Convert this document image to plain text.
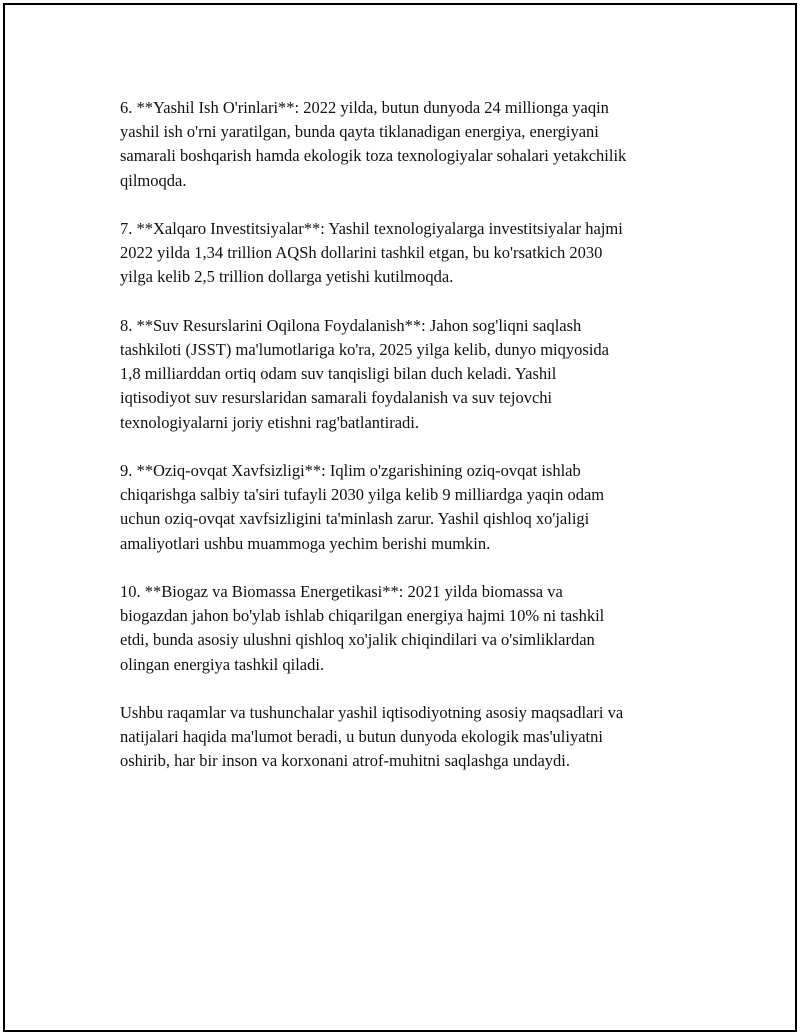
6. **Yashil Ish O'rinlari**: 2022 yilda, butun dunyoda 24 millionga yaqin
yashil ish o'rni yaratilgan, bunda qayta tiklanadigan energiya, energiyani
samarali boshqarish hamda ekologik toza texnologiyalar sohalari yetakchilik
qilmoqda.

7. **Xalqaro Investitsiyalar**: Yashil texnologiyalarga investitsiyalar hajmi
2022 yilda 1,34 trillion AQSh dollarini tashkil etgan, bu ko'rsatkich 2030
yilga kelib 2,5 trillion dollarga yetishi kutilmoqda.

8. **Suv Resurslarini Oqilona Foydalanish**: Jahon sog'liqni saqlash
tashkiloti (JSST) ma'lumotlariga ko'ra, 2025 yilga kelib, dunyo miqyosida
1,8 milliarddan ortiq odam suv tanqisligi bilan duch keladi. Yashil
iqtisodiyot suv resurslaridan samarali foydalanish va suv tejovchi
texnologiyalarni joriy etishni rag'batlantiradi.

9. **Oziq-ovqat Xavfsizligi**: Iqlim o'zgarishining oziq-ovqat ishlab
chiqarishga salbiy ta'siri tufayli 2030 yilga kelib 9 milliardga yaqin odam
uchun oziq-ovqat xavfsizligini ta'minlash zarur. Yashil qishloq xo'jaligi
amaliyotlari ushbu muammoga yechim berishi mumkin.

10. **Biogaz va Biomassa Energetikasi**: 2021 yilda biomassa va
biogazdan jahon bo'ylab ishlab chiqarilgan energiya hajmi 10% ni tashkil
etdi, bunda asosiy ulushni qishloq xo'jalik chiqindilari va o'simliklardan
olingan energiya tashkil qiladi.

Ushbu raqamlar va tushunchalar yashil iqtisodiyotning asosiy maqsadlari va
natijalari haqida ma'lumot beradi, u butun dunyoda ekologik mas'uliyatni
oshirib, har bir inson va korxonani atrof-muhitni saqlashga undaydi.
